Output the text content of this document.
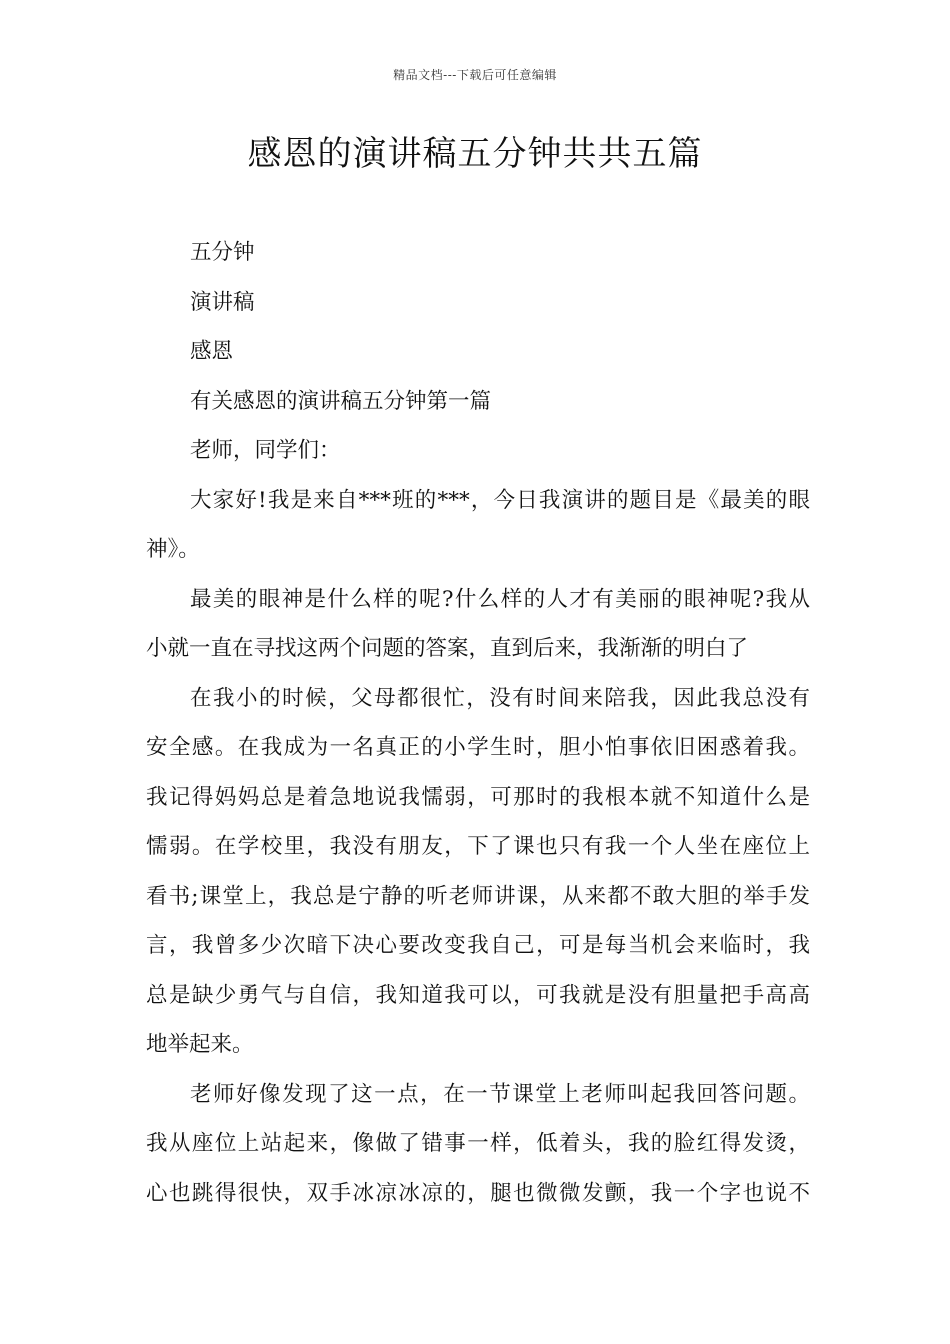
精品文档---下载后可任意编辑
感恩的演讲稿五分钟共共五篇

五分钟

演讲稿

感恩

有关感恩的演讲稿五分钟第一篇

老师，同学们：

大家好!我是来自***班的***，今日我演讲的题目是《最美的眼

神》。

最美的眼神是什么样的呢?什么样的人才有美丽的眼神呢?我从

小就一直在寻找这两个问题的答案，直到后来，我渐渐的明白了

在我小的时候，父母都很忙，没有时间来陪我，因此我总没有

安全感。在我成为一名真正的小学生时，胆小怕事依旧困惑着我。

我记得妈妈总是着急地说我懦弱，可那时的我根本就不知道什么是

懦弱。在学校里，我没有朋友，下了课也只有我一个人坐在座位上

看书;课堂上，我总是宁静的听老师讲课，从来都不敢大胆的举手发

言，我曾多少次暗下决心要改变我自己，可是每当机会来临时，我

总是缺少勇气与自信，我知道我可以，可我就是没有胆量把手高高

地举起来。

老师好像发现了这一点，在一节课堂上老师叫起我回答问题。

我从座位上站起来，像做了错事一样，低着头，我的脸红得发烫，

心也跳得很快，双手冰凉冰凉的，腿也微微发颤，我一个字也说不
